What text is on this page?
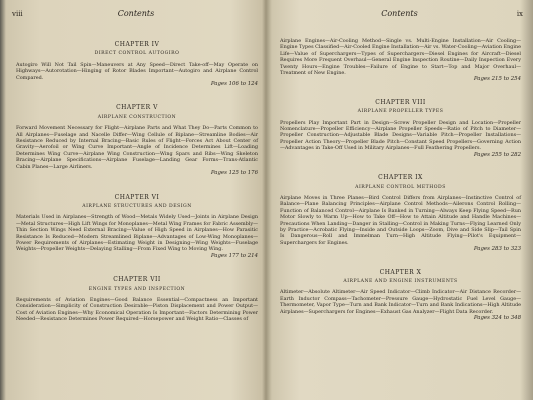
viii	Contents
CHAPTER IV
DIRECT CONTROL AUTOGIRO
Autogiro Will Not Tail Spin—Maneuvers at Any Speed—Direct Take-off—May Operate on Highways—Autorotation—Hinging of Rotor Blades Important—Autogiro and Airplane Control Compared.
Pages 106 to 124
CHAPTER V
AIRPLANE CONSTRUCTION
Forward Movement Necessary for Flight—Airplane Parts and What They Do—Parts Common to All Airplanes—Fuselage and Nacelle Differ—Wing Cellule of Biplane—Streamline Bodies—Air Resistance Reduced by Internal Bracing—Basic Rules of Flight—Forces Act About Center of Gravity—Aerofoil or Wing Curve Important—Angle of Incidence Determines Lift—Loading Determines Wing Curve—Airplane Wing Construction—Wing Spars and Ribs—Wing Skeleton Bracing—Airplane Specifications—Airplane Fuselage—Landing Gear Forms—Trans-Atlantic Cabin Planes—Large Airliners.
Pages 125 to 176
CHAPTER VI
AIRPLANE STRUCTURES AND DESIGN
Materials Used in Airplanes—Strength of Wood—Metals Widely Used—Joints in Airplane Design—Metal Structures—High Lift Wings for Monoplanes—Metal Wing Frames for Fabric Assembly—Thin Section Wings Need External Bracing—Value of High Speed in Airplanes—How Parasitic Resistance Is Reduced—Modern Streamlined Biplane—Advantages of Low-Wing Monoplanes—Power Requirements of Airplanes—Estimating Weight in Designing—Wing Weights—Fuselage Weights—Propeller Weights—Delaying Stalling—From Fixed Wing to Moving Wing.
Pages 177 to 214
CHAPTER VII
ENGINE TYPES AND INSPECTION
Requirements of Aviation Engines—Good Balance Essential—Compactness an Important Consideration—Simplicity of Construction Desirable—Piston Displacement and Power Output—Cost of Aviation Engines—Why Economical Operation Is Important—Factors Determining Power Needed—Resistance Determines Power Required—Horsepower and Weight Ratio—Classes of
Contents	ix
Airplane Engines—Air-Cooling Method—Single vs. Multi-Engine Installation—Air Cooling—Engine Types Classified—Air-Cooled Engine Installation—Air vs. Water-Cooling—Aviation Engine Life—Value of Superchargers—Types of Superchargers—Diesel Engines for Aircraft—Diesel Requires More Frequent Overhaul—General Engine Inspection Routine—Daily Inspection Every Twenty Hours—Engine Troubles—Failure of Engine to Start—Top and Major Overhaul—Treatment of New Engine.
Pages 215 to 254
CHAPTER VIII
AIRPLANE PROPELLER TYPES
Propellers Play Important Part in Design—Screw Propeller Design and Location—Propeller Nomenclature—Propeller Efficiency—Airplane Propeller Speeds—Ratio of Pitch to Diameter—Propeller Construction—Adjustable Blade Designs—Variable Pitch—Propeller Installations—Propeller Action Theory—Propeller Blade Pitch—Constant Speed Propellers—Governing Action—Advantages in Take-Off Used in Military Airplanes—Full Feathering Propellers.
Pages 255 to 282
CHAPTER IX
AIRPLANE CONTROL METHODS
Airplane Moves in Three Planes—Bird Control Differs from Airplanes—Instinctive Control of Balance—Plane Balancing Principles—Airplane Control Methods—Ailerons Control Rolling—Function of Balanced Control—Airplane Is Banked in Turning—Always Keep Flying Speed—Run Motor Slowly to Warm Up—How to Take Off—How to Attain Altitude and Handle Machines—Precautions When Landing—Danger in Stalling—Control in Making Turns—Flying Learned Only by Practice—Acrobatic Flying—Inside and Outside Loops—Zoom, Dive and Side Slip—Tail Spin Is Dangerous—Roll and Immelman Turn—High Altitude Flying—Pilot's Equipment—Superchargers for Engines.
Pages 283 to 323
CHAPTER X
AIRPLANE AND ENGINE INSTRUMENTS
Altimeter—Absolute Altimeter—Air Speed Indicator—Climb Indicator—Air Distance Recorder—Earth Inductor Compass—Tachometer—Pressure Gauge—Hydrostatic Fuel Level Gauge—Thermometer, Vapor Type—Turn and Bank Indicator—Turn and Bank Indications—High Altitude Airplanes—Superchargers for Engines—Exhaust Gas Analyzer—Flight Data Recorder.
Pages 324 to 348
